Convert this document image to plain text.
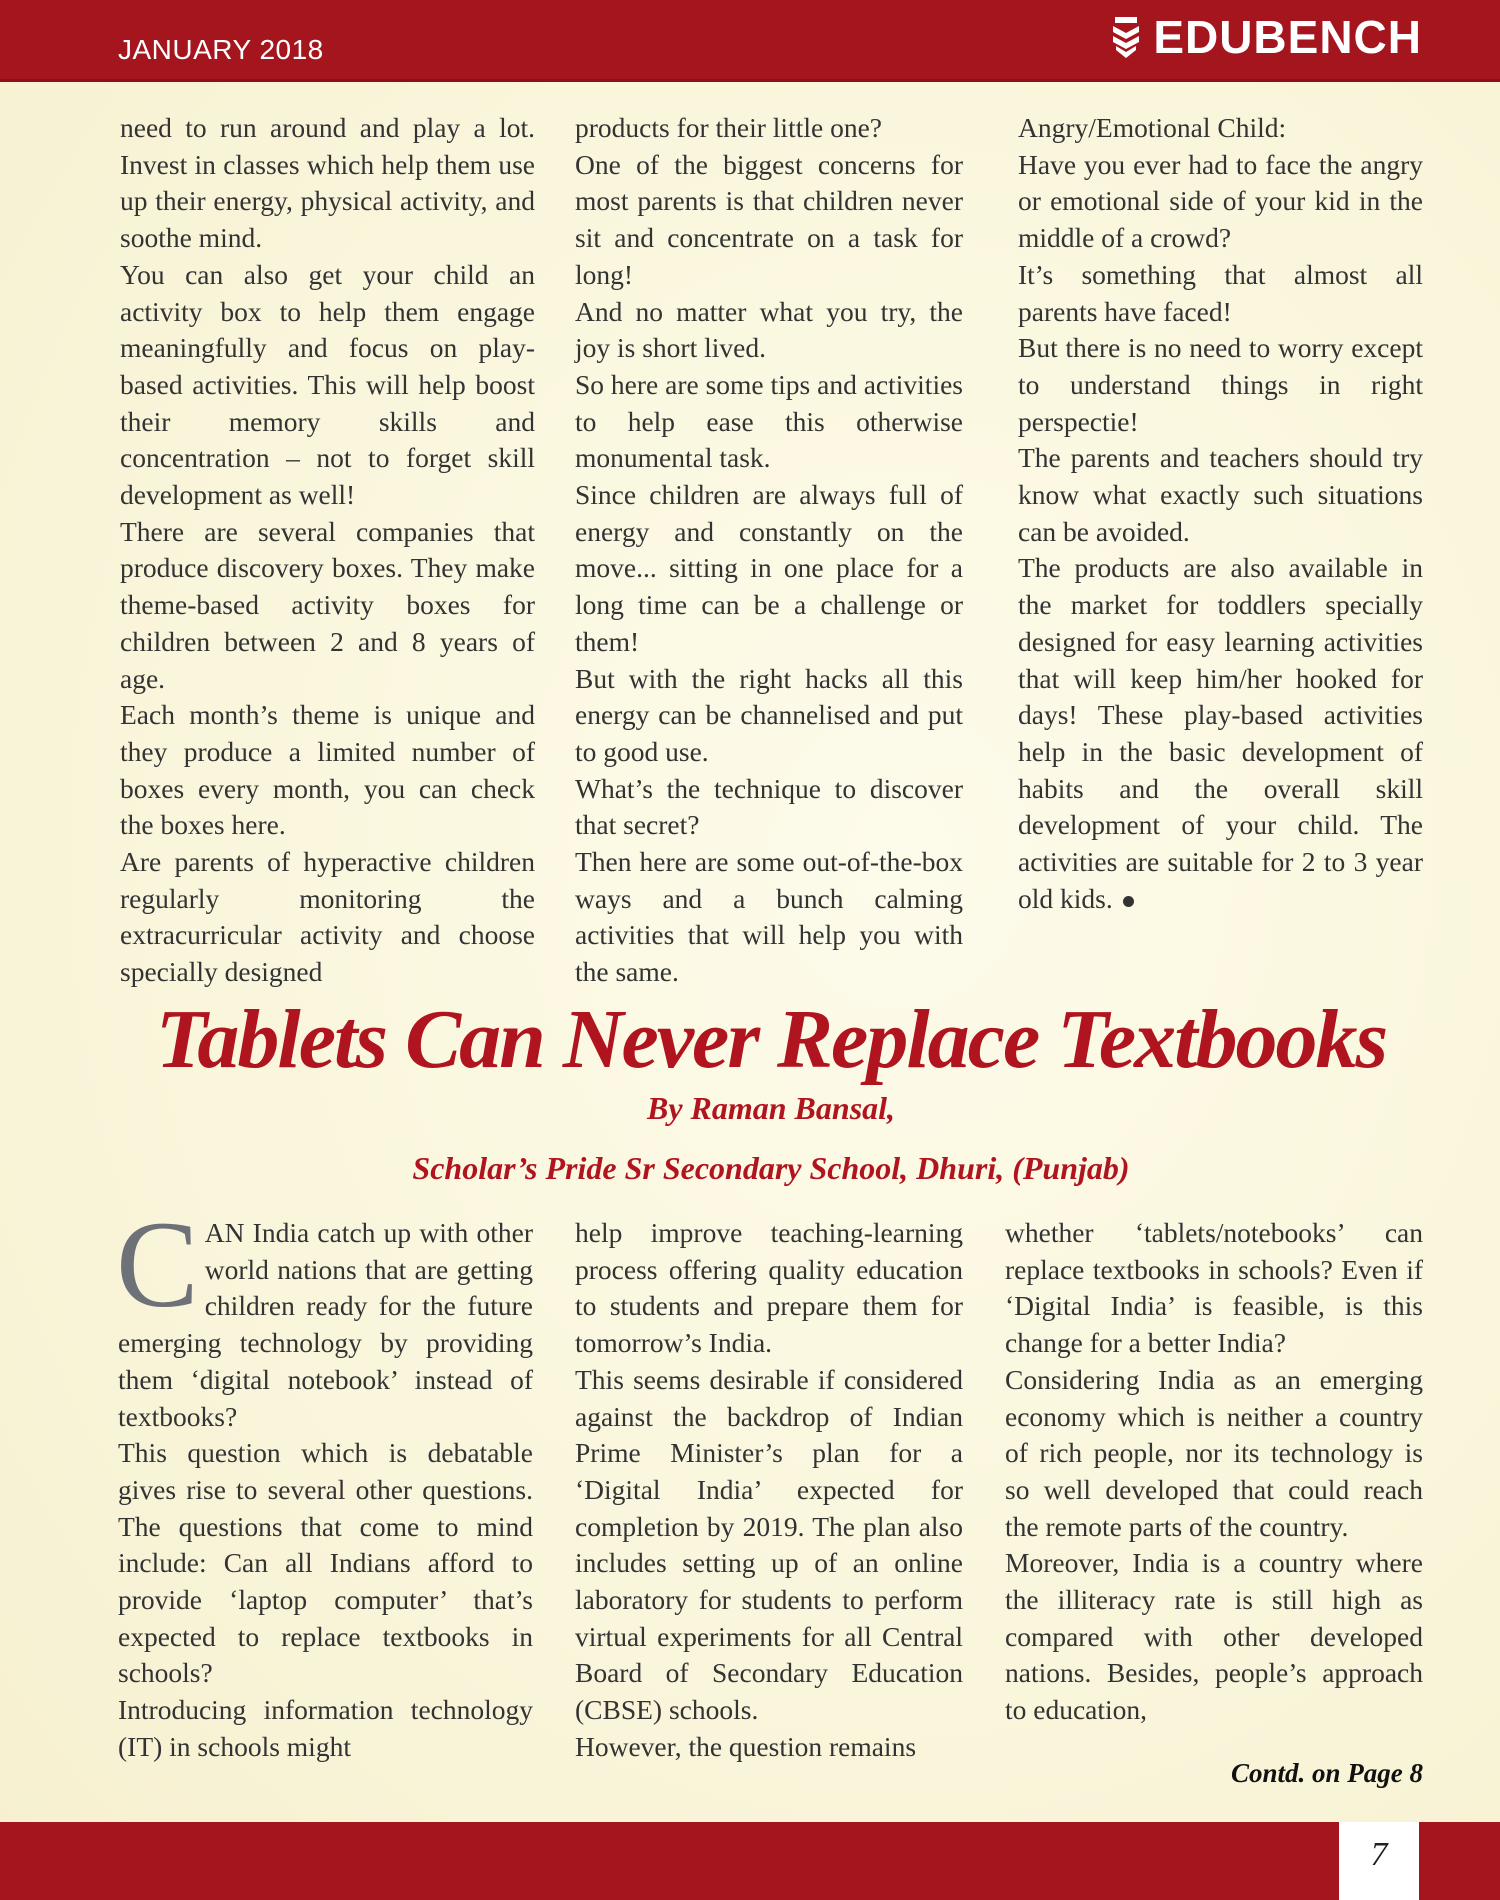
JANUARY 2018	EDUBENCH

need to run around and play a lot. Invest in classes which help them use up their energy, physical activity, and soothe mind.

You can also get your child an activity box to help them engage meaningfully and focus on play-based activities. This will help boost their memory skills and concentration – not to forget skill development as well!

There are several companies that produce discovery boxes. They make theme-based activity boxes for children between 2 and 8 years of age.

Each month’s theme is unique and they produce a limited number of boxes every month, you can check the boxes here.

Are parents of hyperactive children regularly monitoring the extracurricular activity and choose specially designed

products for their little one?

One of the biggest concerns for most parents is that children never sit and concentrate on a task for long!

And no matter what you try, the joy is short lived.

So here are some tips and activities to help ease this otherwise monumental task.

Since children are always full of energy and constantly on the move... sitting in one place for a long time can be a challenge or them!

But with the right hacks all this energy can be channelised and put to good use.

What’s the technique to discover that secret?

Then here are some out-of-the-box ways and a bunch calming activities that will help you with the same.

Angry/Emotional Child:

Have you ever had to face the angry or emotional side of your kid in the middle of a crowd?

It’s something that almost all parents have faced!

But there is no need to worry except to understand things in right perspectie!

The parents and teachers should try know what exactly such situations can be avoided.

The products are also available in the market for toddlers specially designed for easy learning activities that will keep him/her hooked for days! These play-based activities help in the basic development of habits and the overall skill development of your child. The activities are suitable for 2 to 3 year old kids.

Tablets Can Never Replace Textbooks
By Raman Bansal,
Scholar’s Pride Sr Secondary School, Dhuri, (Punjab)

CAN India catch up with other world nations that are getting children ready for the future emerging technology by providing them ‘digital notebook’ instead of textbooks?

This question which is debatable gives rise to several other questions. The questions that come to mind include: Can all Indians afford to provide ‘laptop computer’ that’s expected to replace textbooks in schools?

Introducing information technology (IT) in schools might

help improve teaching-learning process offering quality education to students and prepare them for tomorrow’s India.

This seems desirable if considered against the backdrop of Indian Prime Minister’s plan for a ‘Digital India’ expected for completion by 2019. The plan also includes setting up of an online laboratory for students to perform virtual experiments for all Central Board of Secondary Education (CBSE) schools.

However, the question remains

whether ‘tablets/notebooks’ can replace textbooks in schools? Even if ‘Digital India’ is feasible, is this change for a better India?

Considering India as an emerging economy which is neither a country of rich people, nor its technology is so well developed that could reach the remote parts of the country.

Moreover, India is a country where the illiteracy rate is still high as compared with other developed nations. Besides, people’s approach to education,

Contd. on Page 8
7
